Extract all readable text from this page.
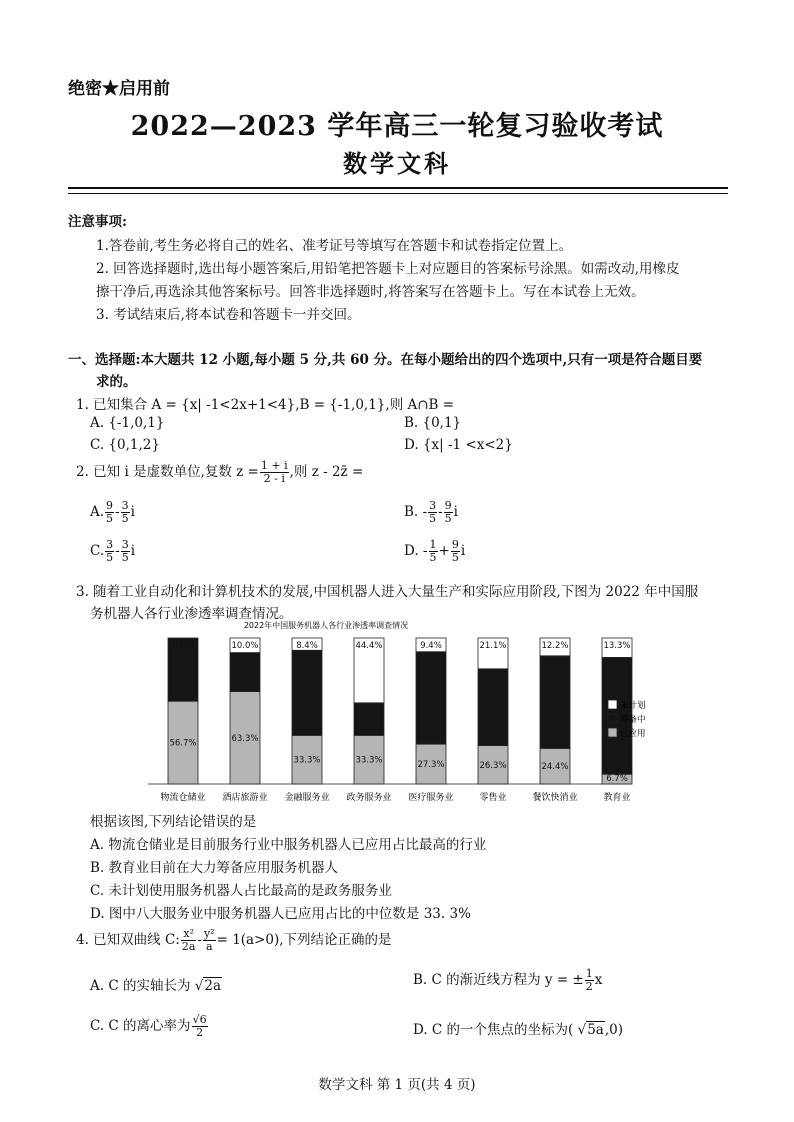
绝密★启用前
2022—2023 学年高三一轮复习验收考试
数学文科
注意事项:
1.答卷前,考生务必将自己的姓名、准考证号等填写在答题卡和试卷指定位置上。
2. 回答选择题时,选出每小题答案后,用铅笔把答题卡上对应题目的答案标号涂黑。如需改动,用橡皮
擦干净后,再选涂其他答案标号。回答非选择题时,将答案写在答题卡上。写在本试卷上无效。
3. 考试结束后,将本试卷和答题卡一并交回。
一、选择题:本大题共 12 小题,每小题 5 分,共 60 分。在每小题给出的四个选项中,只有一项是符合题目要
求的。
1. 已知集合 A = {x| -1<2x+1<4},B = {-1,0,1},则 A∩B =
A. {-1,0,1}	B. {0,1}
C. {0,1,2}	D. {x| -1 <x<2}
2. 已知 i 是虚数单位,复数 $z = \frac{1 + i}{2 - i}$ ,则 z - 2z̄ =
A. $\frac{9}{5} - \frac{3}{5}$ i	B. - $\frac{3}{5} - \frac{9}{5}$ i
C. $\frac{3}{5} - \frac{3}{5}$ i	D. - $\frac{1}{5} + \frac{9}{5}$ i
3. 随着工业自动化和计算机技术的发展,中国机器人进入大量生产和实际应用阶段,下图为 2022 年中国服
务机器人各行业渗透率调查情况。
2022年中国服务机器人各行业渗透率调查情况
0.0%
56.7%
物流仓储业
10.0%
63.3%
酒店旅游业
8.4%
33.3%
金融服务业
44.4%
33.3%
政务服务业
9.4%
27.3%
医疗服务业
21.1%
26.3%
零售业
12.2%
24.4%
餐饮快消业
13.3%
6.7%
教育业
未计划
筹备中
已应用
根据该图,下列结论错误的是
A. 物流仓储业是目前服务行业中服务机器人已应用占比最高的行业
B. 教育业目前在大力筹备应用服务机器人
C. 未计划使用服务机器人占比最高的是政务服务业
D. 图中八大服务业中服务机器人已应用占比的中位数是 33. 3%
4. 已知双曲线 C: $\frac{\text{x²}}{2a} - \frac{\text{y²}}{a} = 1(a>0)$,下列结论正确的是
A. C 的实轴长为 √2a	B. C 的渐近线方程为 y = ± $\frac{1}{2}$ x
C. C 的离心率为 $\frac{√6}{2}$	D. C 的一个焦点的坐标为( √5a,0)
数学文科 第 1 页(共 4 页)
